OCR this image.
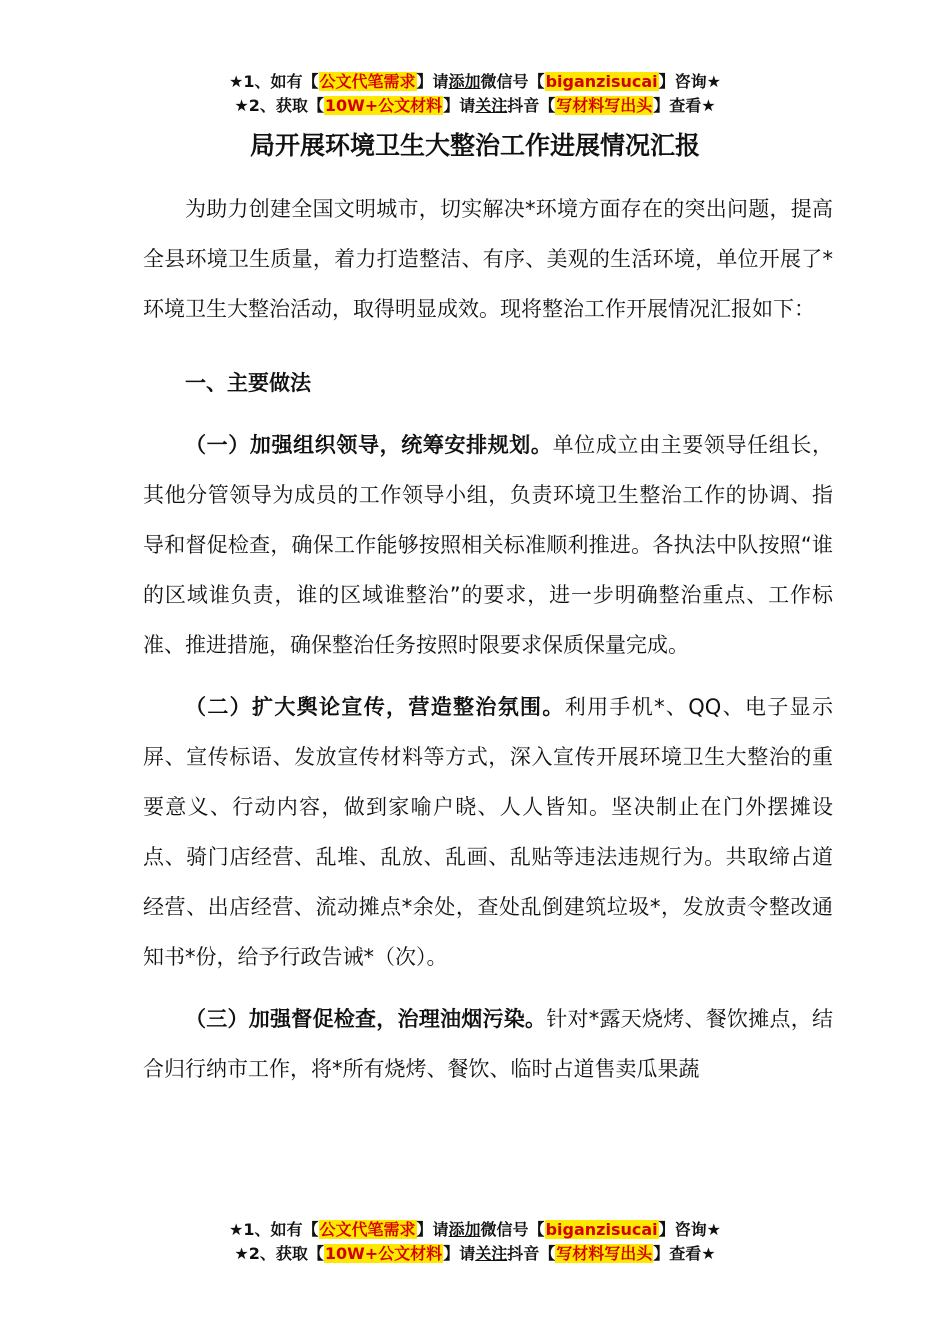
★1、如有【公文代笔需求】请添加微信号【biganzisucai】咨询★
★2、获取【10W+公文材料】请关注抖音【写材料写出头】查看★
局开展环境卫生大整治工作进展情况汇报

为助力创建全国文明城市，切实解决*环境方面存在的突出问题，提高全县环境卫生质量，着力打造整洁、有序、美观的生活环境，单位开展了*环境卫生大整治活动，取得明显成效。现将整治工作开展情况汇报如下：

一、主要做法

（一）加强组织领导，统筹安排规划。单位成立由主要领导任组长，其他分管领导为成员的工作领导小组，负责环境卫生整治工作的协调、指导和督促检查，确保工作能够按照相关标准顺利推进。各执法中队按照“谁的区域谁负责，谁的区域谁整治”的要求，进一步明确整治重点、工作标准、推进措施，确保整治任务按照时限要求保质保量完成。

（二）扩大舆论宣传，营造整治氛围。利用手机*、QQ、电子显示屏、宣传标语、发放宣传材料等方式，深入宣传开展环境卫生大整治的重要意义、行动内容，做到家喻户晓、人人皆知。坚决制止在门外摆摊设点、骑门店经营、乱堆、乱放、乱画、乱贴等违法违规行为。共取缔占道经营、出店经营、流动摊点*余处，查处乱倒建筑垃圾*，发放责令整改通知书*份，给予行政告诫*（次）。

（三）加强督促检查，治理油烟污染。针对*露天烧烤、餐饮摊点，结合归行纳市工作，将*所有烧烤、餐饮、临时占道售卖瓜果蔬

★1、如有【公文代笔需求】请添加微信号【biganzisucai】咨询★
★2、获取【10W+公文材料】请关注抖音【写材料写出头】查看★
